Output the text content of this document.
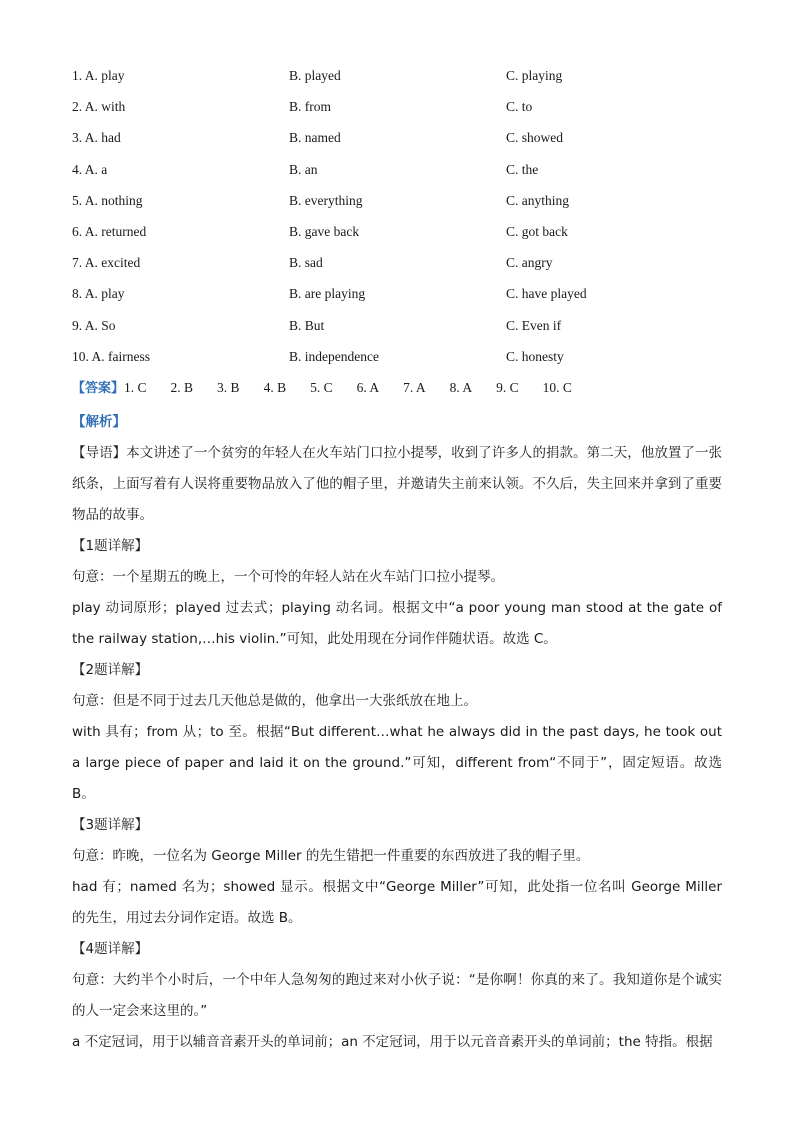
1. A. play	B. played	C. playing
2. A. with	B. from	C. to
3. A. had	B. named	C. showed
4. A. a	B. an	C. the
5. A. nothing	B. everything	C. anything
6. A. returned	B. gave back	C. got back
7. A. excited	B. sad	C. angry
8. A. play	B. are playing	C. have played
9. A. So	B. But	C. Even if
10. A. fairness	B. independence	C. honesty
【答案】1. C 2. B 3. B 4. B 5. C 6. A 7. A 8. A 9. C 10. C

【解析】

【导语】本文讲述了一个贫穷的年轻人在火车站门口拉小提琴，收到了许多人的捐款。第二天，他放置了一张纸条，上面写着有人误将重要物品放入了他的帽子里，并邀请失主前来认领。不久后，失主回来并拿到了重要物品的故事。

【1题详解】

句意：一个星期五的晚上，一个可怜的年轻人站在火车站门口拉小提琴。

play 动词原形；played 过去式；playing 动名词。根据文中“a poor young man stood at the gate of the railway station,…his violin.”可知，此处用现在分词作伴随状语。故选 C。

【2题详解】

句意：但是不同于过去几天他总是做的，他拿出一大张纸放在地上。

with 具有；from 从；to 至。根据“But different…what he always did in the past days, he took out a large piece of paper and laid it on the ground.”可知，different from“不同于”，固定短语。故选 B。

【3题详解】

句意：昨晚，一位名为 George Miller 的先生错把一件重要的东西放进了我的帽子里。

had 有；named 名为；showed 显示。根据文中“George Miller”可知，此处指一位名叫 George Miller 的先生，用过去分词作定语。故选 B。

【4题详解】

句意：大约半个小时后，一个中年人急匆匆的跑过来对小伙子说：“是你啊！你真的来了。我知道你是个诚实的人一定会来这里的。”

a 不定冠词，用于以辅音音素开头的单词前；an 不定冠词，用于以元音音素开头的单词前；the 特指。根据
